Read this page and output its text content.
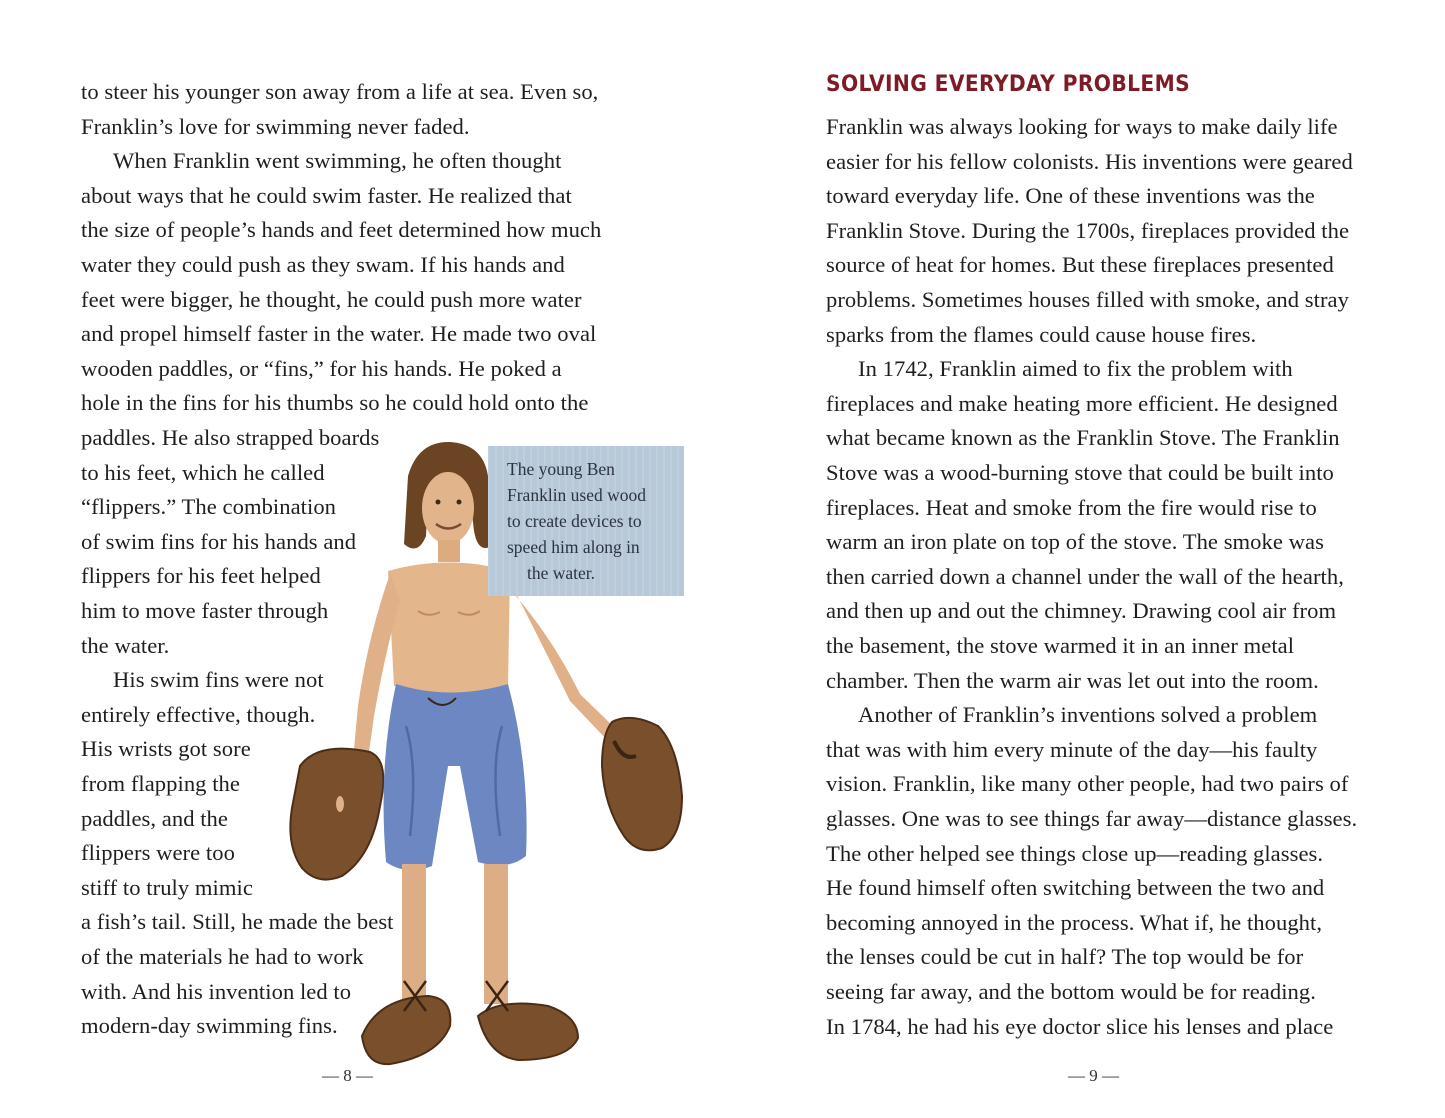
to steer his younger son away from a life at sea. Even so,
Franklin’s love for swimming never faded.
When Franklin went swimming, he often thought
about ways that he could swim faster. He realized that
the size of people’s hands and feet determined how much
water they could push as they swam. If his hands and
feet were bigger, he thought, he could push more water
and propel himself faster in the water. He made two oval
wooden paddles, or “fins,” for his hands. He poked a
hole in the fins for his thumbs so he could hold onto the
paddles. He also strapped boards
to his feet, which he called
“flippers.” The combination
of swim fins for his hands and
flippers for his feet helped
him to move faster through
the water.
His swim fins were not
entirely effective, though.
His wrists got sore
from flapping the
paddles, and the
flippers were too
stiff to truly mimic
a fish’s tail. Still, he made the best
of the materials he had to work
with. And his invention led to
modern-day swimming fins.
The young Ben
Franklin used wood
to create devices to
speed him along in
the water.
— 8 —
SOLVING EVERYDAY PROBLEMS
Franklin was always looking for ways to make daily life
easier for his fellow colonists. His inventions were geared
toward everyday life. One of these inventions was the
Franklin Stove. During the 1700s, fireplaces provided the
source of heat for homes. But these fireplaces presented
problems. Sometimes houses filled with smoke, and stray
sparks from the flames could cause house fires.
In 1742, Franklin aimed to fix the problem with
fireplaces and make heating more efficient. He designed
what became known as the Franklin Stove. The Franklin
Stove was a wood-burning stove that could be built into
fireplaces. Heat and smoke from the fire would rise to
warm an iron plate on top of the stove. The smoke was
then carried down a channel under the wall of the hearth,
and then up and out the chimney. Drawing cool air from
the basement, the stove warmed it in an inner metal
chamber. Then the warm air was let out into the room.
Another of Franklin’s inventions solved a problem
that was with him every minute of the day—his faulty
vision. Franklin, like many other people, had two pairs of
glasses. One was to see things far away—distance glasses.
The other helped see things close up—reading glasses.
He found himself often switching between the two and
becoming annoyed in the process. What if, he thought,
the lenses could be cut in half? The top would be for
seeing far away, and the bottom would be for reading.
In 1784, he had his eye doctor slice his lenses and place
— 9 —
